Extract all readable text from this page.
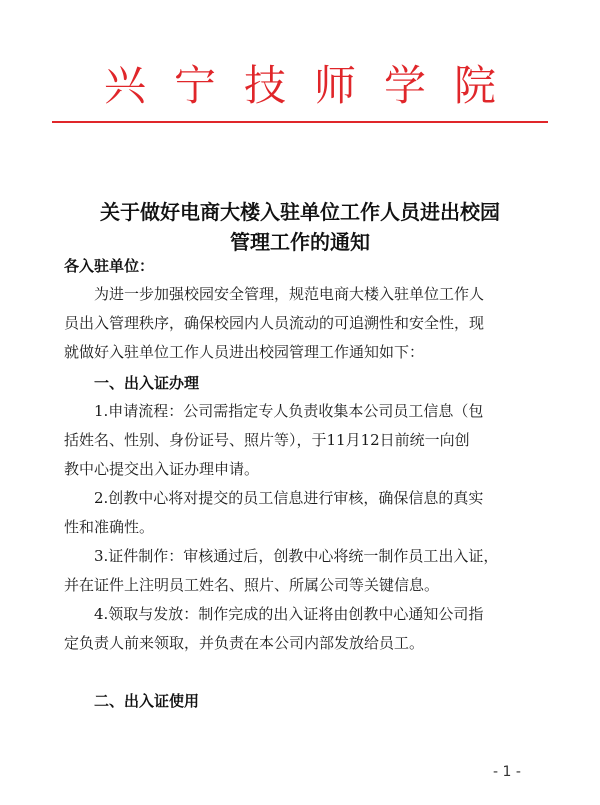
兴宁技师学院
关于做好电商大楼入驻单位工作人员进出校园
管理工作的通知
各入驻单位：
为进一步加强校园安全管理，规范电商大楼入驻单位工作人
员出入管理秩序，确保校园内人员流动的可追溯性和安全性，现
就做好入驻单位工作人员进出校园管理工作通知如下：
一、出入证办理
1.申请流程：公司需指定专人负责收集本公司员工信息（包
括姓名、性别、身份证号、照片等），于11月12日前统一向创
教中心提交出入证办理申请。
2.创教中心将对提交的员工信息进行审核，确保信息的真实
性和准确性。
3.证件制作：审核通过后，创教中心将统一制作员工出入证，
并在证件上注明员工姓名、照片、所属公司等关键信息。
4.领取与发放：制作完成的出入证将由创教中心通知公司指
定负责人前来领取，并负责在本公司内部发放给员工。
二、出入证使用
- 1 -
